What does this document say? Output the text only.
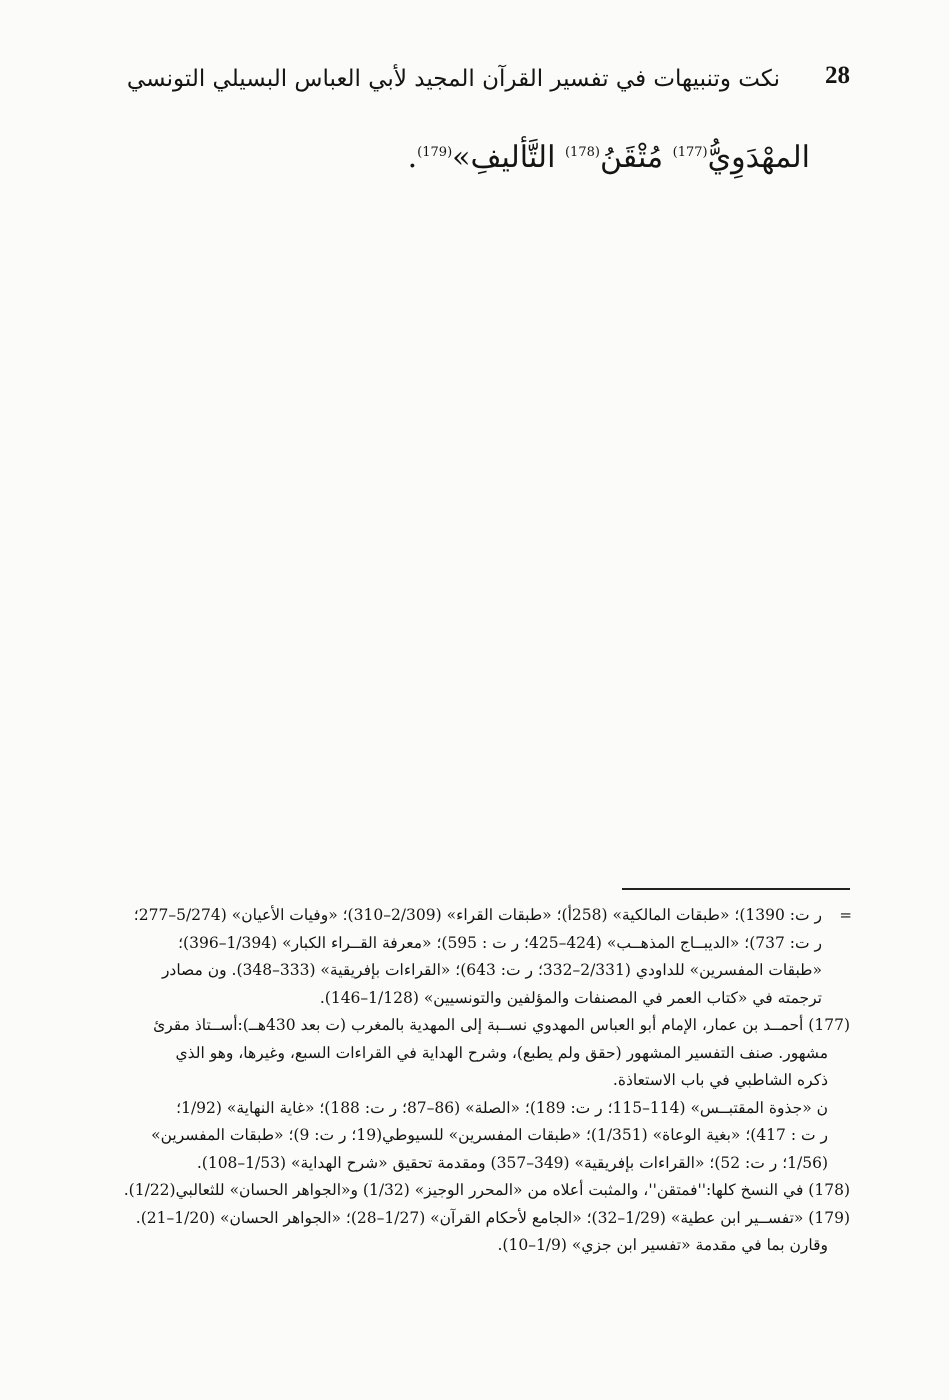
28
نكت وتنبيهات في تفسير القرآن المجيد لأبي العباس البسيلي التونسي
المهْدَوِيُّ$^{(177)}$ مُتْقَنُ$^{(178)}$ التَّأليفِ»$^{(179)}$.
=
ر ت: 1390)؛ «طبقات المالكية» (258أ)؛ «طبقات القراء» (2/309–310)؛ «وفيات الأعيان» (5/274–277؛
ر ت: 737)؛ «الديبــاج المذهــب» (424–425؛ ر ت : 595)؛ «معرفة القــراء الكبار» (1/394–396)؛
«طبقات المفسرين» للداودي (2/331–332؛ ر ت: 643)؛ «القراءات بإفريقية» (333–348). ون مصادر
ترجمته في «كتاب العمر في المصنفات والمؤلفين والتونسيين» (1/128–146).
(177) أحمــد بن عمار، الإمام أبو العباس المهدوي نســبة إلى المهدية بالمغرب (ت بعد 430هــ):أســتاذ مقرئ
مشهور. صنف التفسير المشهور (حقق ولم يطبع)، وشرح الهداية في القراءات السبع، وغيرها، وهو الذي
ذكره الشاطبي في باب الاستعاذة.
ن «جذوة المقتبــس» (114–115؛ ر ت: 189)؛ «الصلة» (86–87؛ ر ت: 188)؛ «غاية النهاية» (1/92؛
ر ت : 417)؛ «بغية الوعاة» (1/351)؛ «طبقات المفسرين» للسيوطي(19؛ ر ت: 9)؛ «طبقات المفسرين»
(1/56؛ ر ت: 52)؛ «القراءات بإفريقية» (349–357) ومقدمة تحقيق «شرح الهداية» (1/53–108).
(178) في النسخ كلها:''فمتقن''، والمثبت أعلاه من «المحرر الوجيز» (1/32) و«الجواهر الحسان» للثعالبي(1/22).
(179) «تفســير ابن عطية» (1/29–32)؛ «الجامع لأحكام القرآن» (1/27–28)؛ «الجواهر الحسان» (1/20–21).
وقارن بما في مقدمة «تفسير ابن جزي» (1/9–10).
